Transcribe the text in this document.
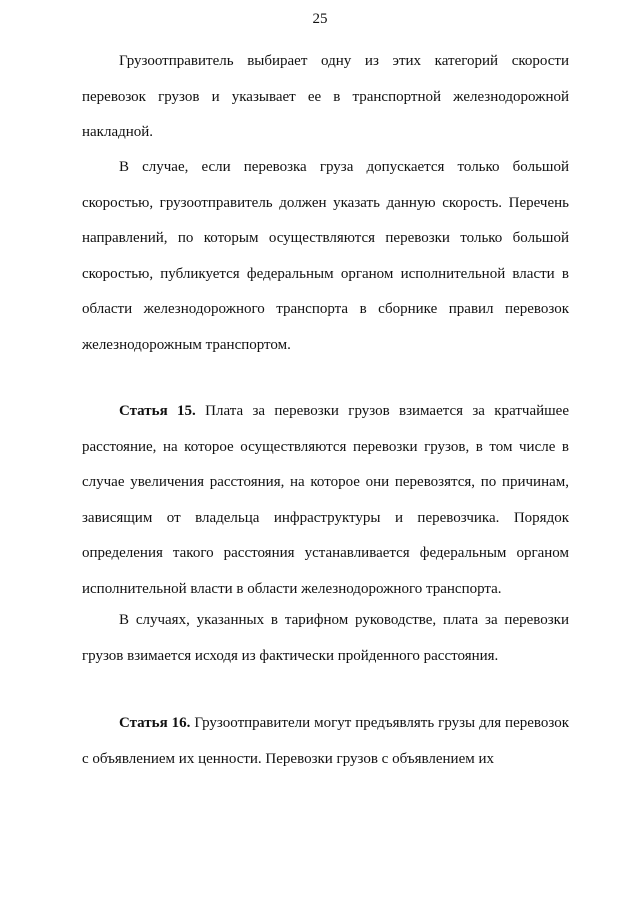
25

Грузоотправитель выбирает одну из этих категорий скорости перевозок грузов и указывает ее в транспортной железнодорожной накладной.

В случае, если перевозка груза допускается только большой скоростью, грузоотправитель должен указать данную скорость. Перечень направлений, по которым осуществляются перевозки только большой скоростью, публикуется федеральным органом исполнительной власти в области железнодорожного транспорта в сборнике правил перевозок железнодорожным транспортом.

Статья 15. Плата за перевозки грузов взимается за кратчайшее расстояние, на которое осуществляются перевозки грузов, в том числе в случае увеличения расстояния, на которое они перевозятся, по причинам, зависящим от владельца инфраструктуры и перевозчика. Порядок определения такого расстояния устанавливается федеральным органом исполнительной власти в области железнодорожного транспорта.

В случаях, указанных в тарифном руководстве, плата за перевозки грузов взимается исходя из фактически пройденного расстояния.

Статья 16. Грузоотправители могут предъявлять грузы для перевозок с объявлением их ценности. Перевозки грузов с объявлением их
